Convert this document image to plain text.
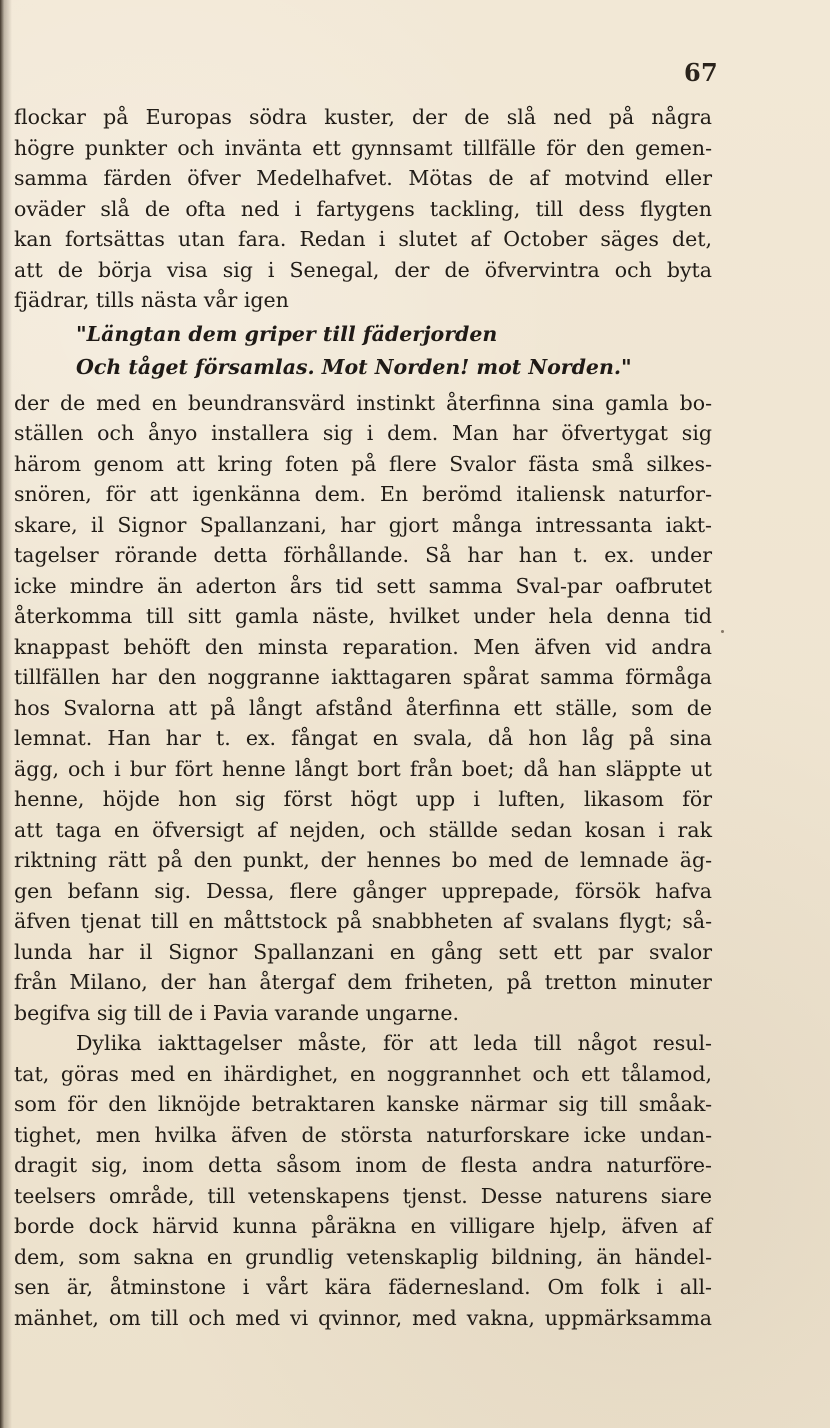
67
flockar på Europas södra kuster, der de slå ned på några
högre punkter och invänta ett gynnsamt tillfälle för den gemen-
samma färden öfver Medelhafvet. Mötas de af motvind eller
oväder slå de ofta ned i fartygens tackling, till dess flygten
kan fortsättas utan fara. Redan i slutet af October säges det,
att de börja visa sig i Senegal, der de öfvervintra och byta
fjädrar, tills nästa vår igen
"Längtan dem griper till fäderjorden
Och tåget församlas. Mot Norden! mot Norden."
der de med en beundransvärd instinkt återfinna sina gamla bo-
ställen och ånyo installera sig i dem. Man har öfvertygat sig
härom genom att kring foten på flere Svalor fästa små silkes-
snören, för att igenkänna dem. En berömd italiensk naturfor-
skare, il Signor Spallanzani, har gjort många intressanta iakt-
tagelser rörande detta förhållande. Så har han t. ex. under
icke mindre än aderton års tid sett samma Sval-par oafbrutet
återkomma till sitt gamla näste, hvilket under hela denna tid
knappast behöft den minsta reparation. Men äfven vid andra
tillfällen har den noggranne iakttagaren spårat samma förmåga
hos Svalorna att på långt afstånd återfinna ett ställe, som de
lemnat. Han har t. ex. fångat en svala, då hon låg på sina
ägg, och i bur fört henne långt bort från boet; då han släppte ut
henne, höjde hon sig först högt upp i luften, likasom för
att taga en öfversigt af nejden, och ställde sedan kosan i rak
riktning rätt på den punkt, der hennes bo med de lemnade äg-
gen befann sig. Dessa, flere gånger upprepade, försök hafva
äfven tjenat till en måttstock på snabbheten af svalans flygt; så-
lunda har il Signor Spallanzani en gång sett ett par svalor
från Milano, der han återgaf dem friheten, på tretton minuter
begifva sig till de i Pavia varande ungarne.
Dylika iakttagelser måste, för att leda till något resul-
tat, göras med en ihärdighet, en noggrannhet och ett tålamod,
som för den liknöjde betraktaren kanske närmar sig till småak-
tighet, men hvilka äfven de största naturforskare icke undan-
dragit sig, inom detta såsom inom de flesta andra naturföre-
teelsers område, till vetenskapens tjenst. Desse naturens siare
borde dock härvid kunna påräkna en villigare hjelp, äfven af
dem, som sakna en grundlig vetenskaplig bildning, än händel-
sen är, åtminstone i vårt kära fädernesland. Om folk i all-
mänhet, om till och med vi qvinnor, med vakna, uppmärksamma
